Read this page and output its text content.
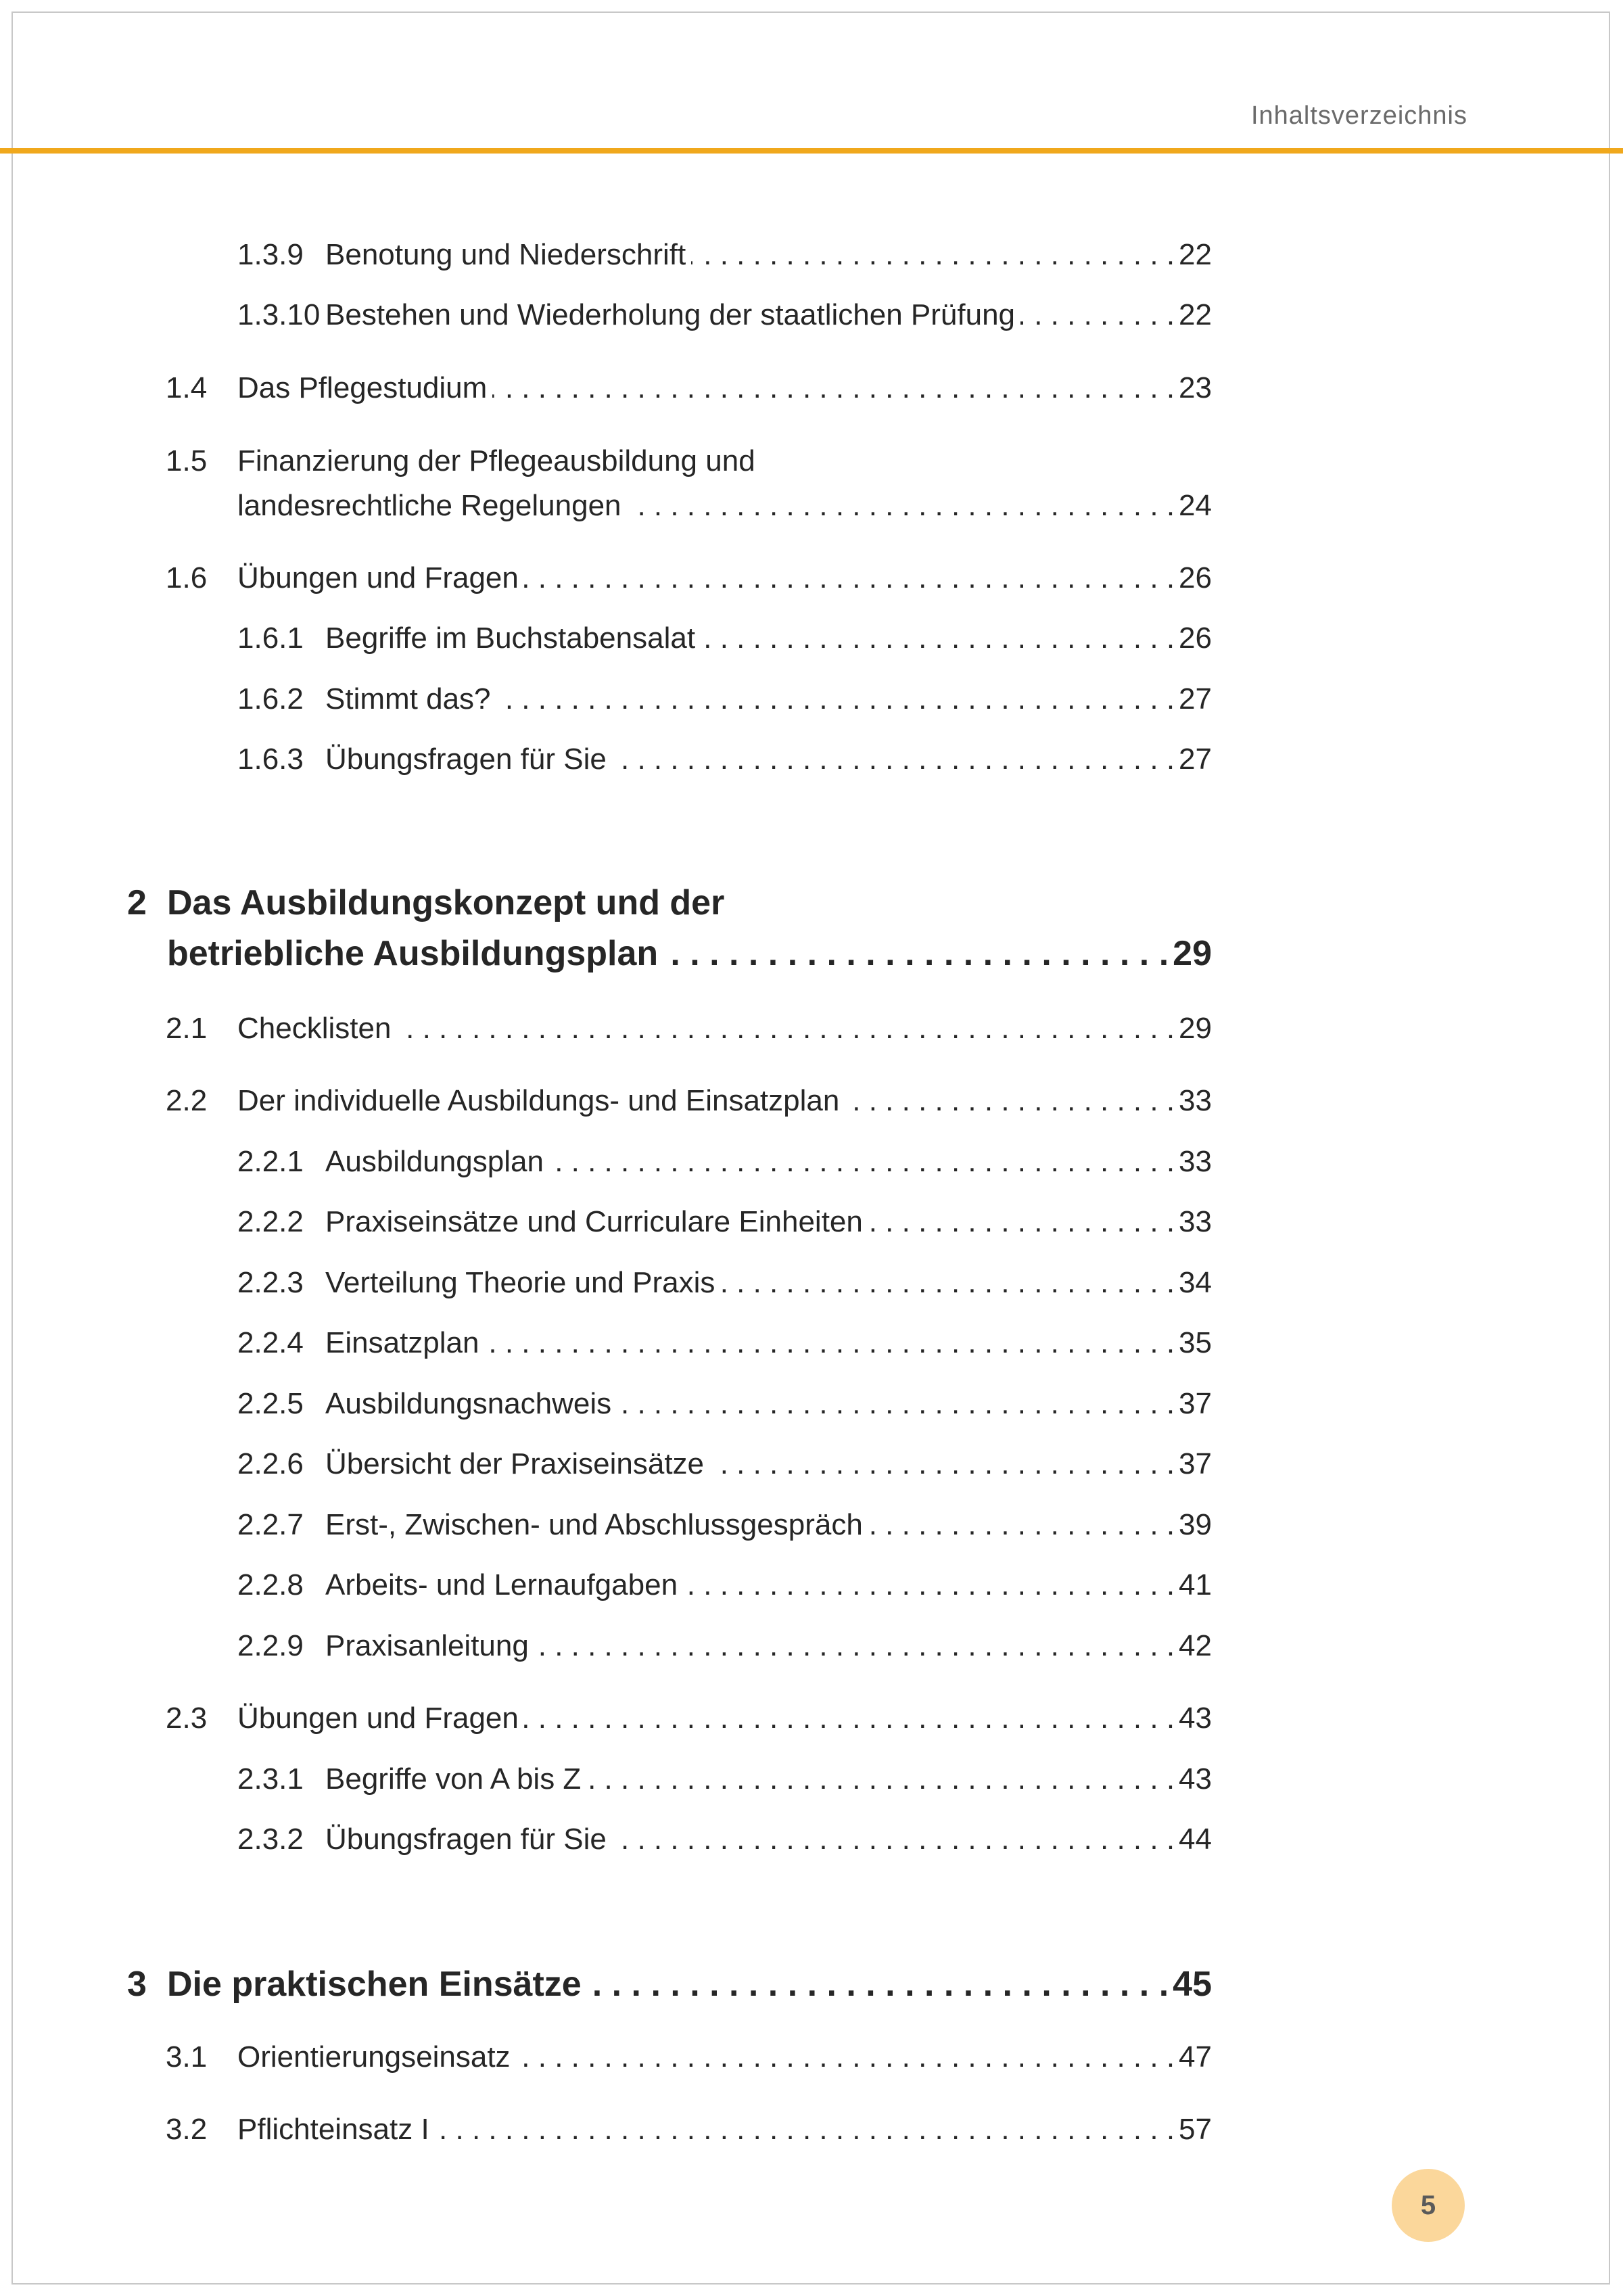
Inhaltsverzeichnis
1.3.9 Benotung und Niederschrift . . .	22
1.3.10 Bestehen und Wiederholung der staatlichen Prüfung . . .	22
1.4 Das Pflegestudium . . .	23
1.5 Finanzierung der Pflegeausbildung und
landesrechtliche Regelungen . . .	24
1.6 Übungen und Fragen . . .	26
1.6.1 Begriffe im Buchstabensalat . . .	26
1.6.2 Stimmt das? . . .	27
1.6.3 Übungsfragen für Sie . . .	27
2 Das Ausbildungskonzept und der
betriebliche Ausbildungsplan . . .	29
2.1 Checklisten . . .	29
2.2 Der individuelle Ausbildungs- und Einsatzplan . . .	33
2.2.1 Ausbildungsplan . . .	33
2.2.2 Praxiseinsätze und Curriculare Einheiten . . .	33
2.2.3 Verteilung Theorie und Praxis . . .	34
2.2.4 Einsatzplan . . .	35
2.2.5 Ausbildungsnachweis . . .	37
2.2.6 Übersicht der Praxiseinsätze . . .	37
2.2.7 Erst-, Zwischen- und Abschlussgespräch . . .	39
2.2.8 Arbeits- und Lernaufgaben . . .	41
2.2.9 Praxisanleitung . . .	42
2.3 Übungen und Fragen . . .	43
2.3.1 Begriffe von A bis Z . . .	43
2.3.2 Übungsfragen für Sie . . .	44
3 Die praktischen Einsätze . . .	45
3.1 Orientierungseinsatz . . .	47
3.2 Pflichteinsatz I . . .	57
5
